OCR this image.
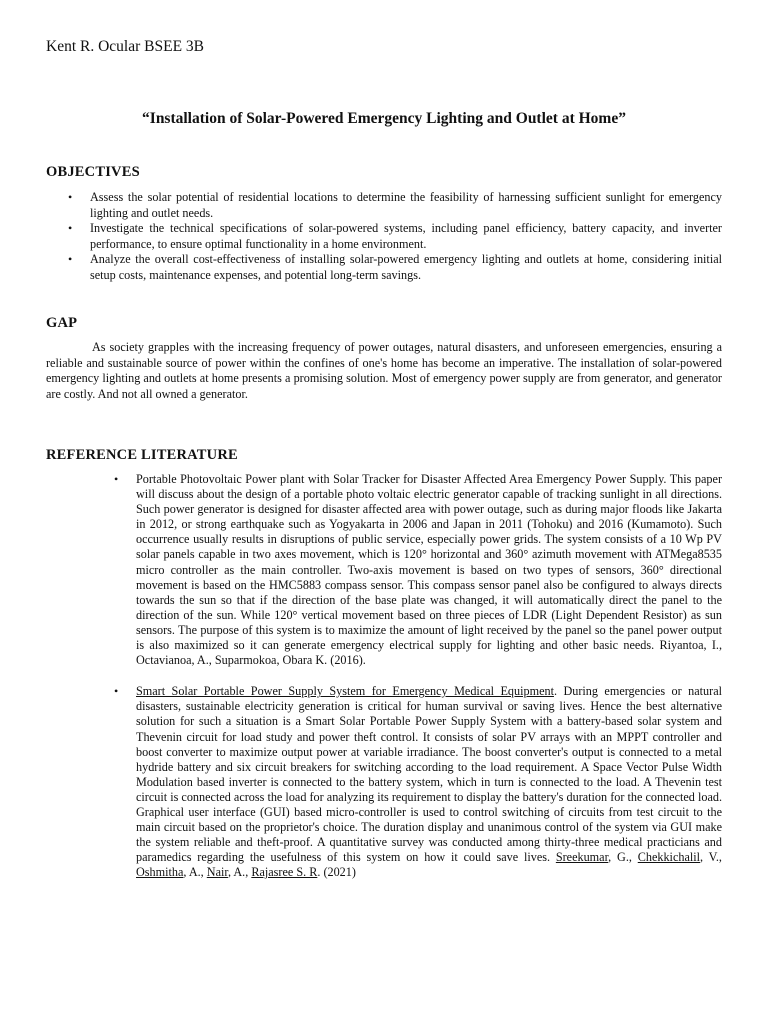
Kent R. Ocular BSEE 3B

“Installation of Solar-Powered Emergency Lighting and Outlet at Home”

OBJECTIVES
• Assess the solar potential of residential locations to determine the feasibility of harnessing sufficient sunlight for emergency lighting and outlet needs.
• Investigate the technical specifications of solar-powered systems, including panel efficiency, battery capacity, and inverter performance, to ensure optimal functionality in a home environment.
• Analyze the overall cost-effectiveness of installing solar-powered emergency lighting and outlets at home, considering initial setup costs, maintenance expenses, and potential long-term savings.
GAP

As society grapples with the increasing frequency of power outages, natural disasters, and unforeseen emergencies, ensuring a reliable and sustainable source of power within the confines of one's home has become an imperative. The installation of solar-powered emergency lighting and outlets at home presents a promising solution. Most of emergency power supply are from generator, and generator are costly. And not all owned a generator.

REFERENCE LITERATURE
• Portable Photovoltaic Power plant with Solar Tracker for Disaster Affected Area Emergency Power Supply. This paper will discuss about the design of a portable photo voltaic electric generator capable of tracking sunlight in all directions. Such power generator is designed for disaster affected area with power outage, such as during major floods like Jakarta in 2012, or strong earthquake such as Yogyakarta in 2006 and Japan in 2011 (Tohoku) and 2016 (Kumamoto). Such occurrence usually results in disruptions of public service, especially power grids. The system consists of a 10 Wp PV solar panels capable in two axes movement, which is 120° horizontal and 360° azimuth movement with ATMega8535 micro controller as the main controller. Two-axis movement is based on two types of sensors, 360° directional movement is based on the HMC5883 compass sensor. This compass sensor panel also be configured to always directs towards the sun so that if the direction of the base plate was changed, it will automatically direct the panel to the direction of the sun. While 120° vertical movement based on three pieces of LDR (Light Dependent Resistor) as sun sensors. The purpose of this system is to maximize the amount of light received by the panel so the panel power output is also maximized so it can generate emergency electrical supply for lighting and other basic needs. Riyantoa, I., Octavianoa, A., Suparmokoa, Obara K. (2016).
• Smart Solar Portable Power Supply System for Emergency Medical Equipment. During emergencies or natural disasters, sustainable electricity generation is critical for human survival or saving lives. Hence the best alternative solution for such a situation is a Smart Solar Portable Power Supply System with a battery-based solar system and Thevenin circuit for load study and power theft control. It consists of solar PV arrays with an MPPT controller and boost converter to maximize output power at variable irradiance. The boost converter's output is connected to a metal hydride battery and six circuit breakers for switching according to the load requirement. A Space Vector Pulse Width Modulation based inverter is connected to the battery system, which in turn is connected to the load. A Thevenin test circuit is connected across the load for analyzing its requirement to display the battery's duration for the connected load. Graphical user interface (GUI) based micro-controller is used to control switching of circuits from test circuit to the main circuit based on the proprietor's choice. The duration display and unanimous control of the system via GUI make the system reliable and theft-proof. A quantitative survey was conducted among thirty-three medical practicians and paramedics regarding the usefulness of this system on how it could save lives. Sreekumar, G., Chekkichalil, V., Oshmitha, A., Nair, A., Rajasree S. R. (2021)
